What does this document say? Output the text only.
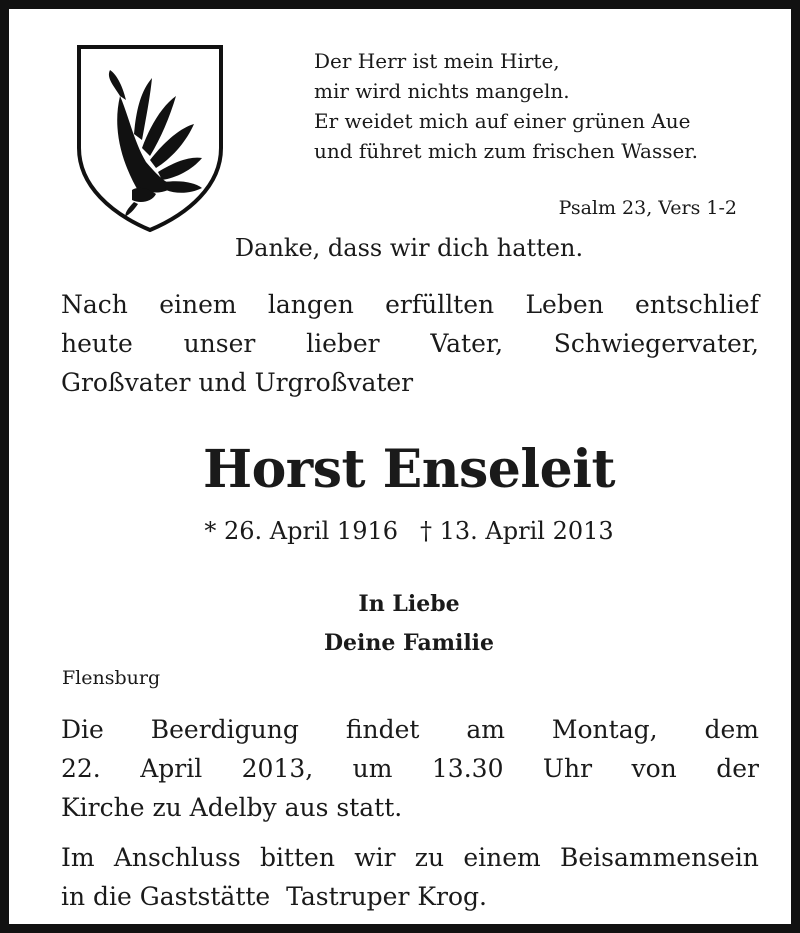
Der Herr ist mein Hirte,
mir wird nichts mangeln.
Er weidet mich auf einer grünen Aue
und führet mich zum frischen Wasser.
Psalm 23, Vers 1-2
Danke, dass wir dich hatten.
Nach einem langen erfüllten Leben entschlief
heute unser lieber Vater, Schwiegervater,
Großvater und Urgroßvater
Horst Enseleit
* 26. April 1916 † 13. April 2013
In Liebe
Deine Familie
Flensburg
Die Beerdigung findet am Montag, dem
22. April 2013, um 13.30 Uhr von der
Kirche zu Adelby aus statt.
Im Anschluss bitten wir zu einem Beisammensein
in die Gaststätte  Tastruper Krog.
